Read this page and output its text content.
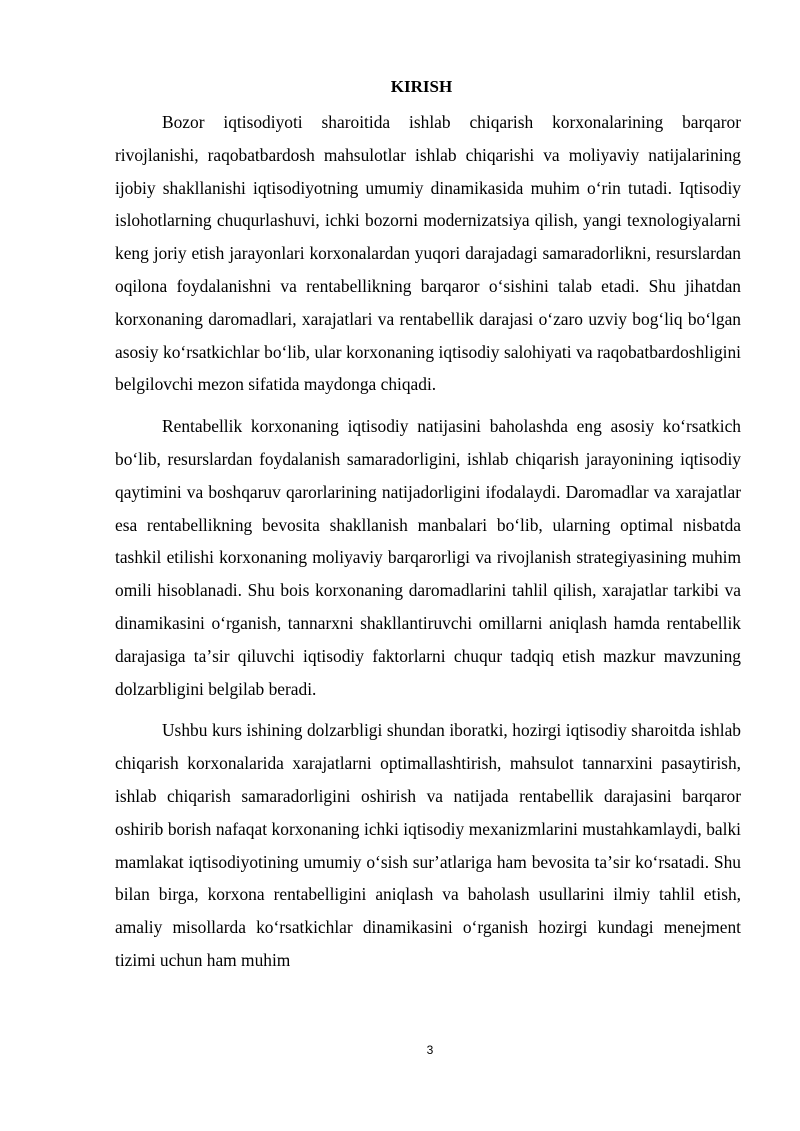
KIRISH

Bozor iqtisodiyoti sharoitida ishlab chiqarish korxonalarining barqaror rivojlanishi, raqobatbardosh mahsulotlar ishlab chiqarishi va moliyaviy natijalarining ijobiy shakllanishi iqtisodiyotning umumiy dinamikasida muhim oʻrin tutadi. Iqtisodiy islohotlarning chuqurlashuvi, ichki bozorni modernizatsiya qilish, yangi texnologiyalarni keng joriy etish jarayonlari korxonalardan yuqori darajadagi samaradorlikni, resurslardan oqilona foydalanishni va rentabellikning barqaror oʻsishini talab etadi. Shu jihatdan korxonaning daromadlari, xarajatlari va rentabellik darajasi oʻzaro uzviy bogʻliq boʻlgan asosiy koʻrsatkichlar boʻlib, ular korxonaning iqtisodiy salohiyati va raqobatbardoshligini belgilovchi mezon sifatida maydonga chiqadi.

Rentabellik korxonaning iqtisodiy natijasini baholashda eng asosiy koʻrsatkich boʻlib, resurslardan foydalanish samaradorligini, ishlab chiqarish jarayonining iqtisodiy qaytimini va boshqaruv qarorlarining natijadorligini ifodalaydi. Daromadlar va xarajatlar esa rentabellikning bevosita shakllanish manbalari boʻlib, ularning optimal nisbatda tashkil etilishi korxonaning moliyaviy barqarorligi va rivojlanish strategiyasining muhim omili hisoblanadi. Shu bois korxonaning daromadlarini tahlil qilish, xarajatlar tarkibi va dinamikasini oʻrganish, tannarxni shakllantiruvchi omillarni aniqlash hamda rentabellik darajasiga taʼsir qiluvchi iqtisodiy faktorlarni chuqur tadqiq etish mazkur mavzuning dolzarbligini belgilab beradi.

Ushbu kurs ishining dolzarbligi shundan iboratki, hozirgi iqtisodiy sharoitda ishlab chiqarish korxonalarida xarajatlarni optimallashtirish, mahsulot tannarxini pasaytirish, ishlab chiqarish samaradorligini oshirish va natijada rentabellik darajasini barqaror oshirib borish nafaqat korxonaning ichki iqtisodiy mexanizmlarini mustahkamlaydi, balki mamlakat iqtisodiyotining umumiy oʻsish surʼatlariga ham bevosita taʼsir koʻrsatadi. Shu bilan birga, korxona rentabelligini aniqlash va baholash usullarini ilmiy tahlil etish, amaliy misollarda koʻrsatkichlar dinamikasini oʻrganish hozirgi kundagi menejment tizimi uchun ham muhim

3
